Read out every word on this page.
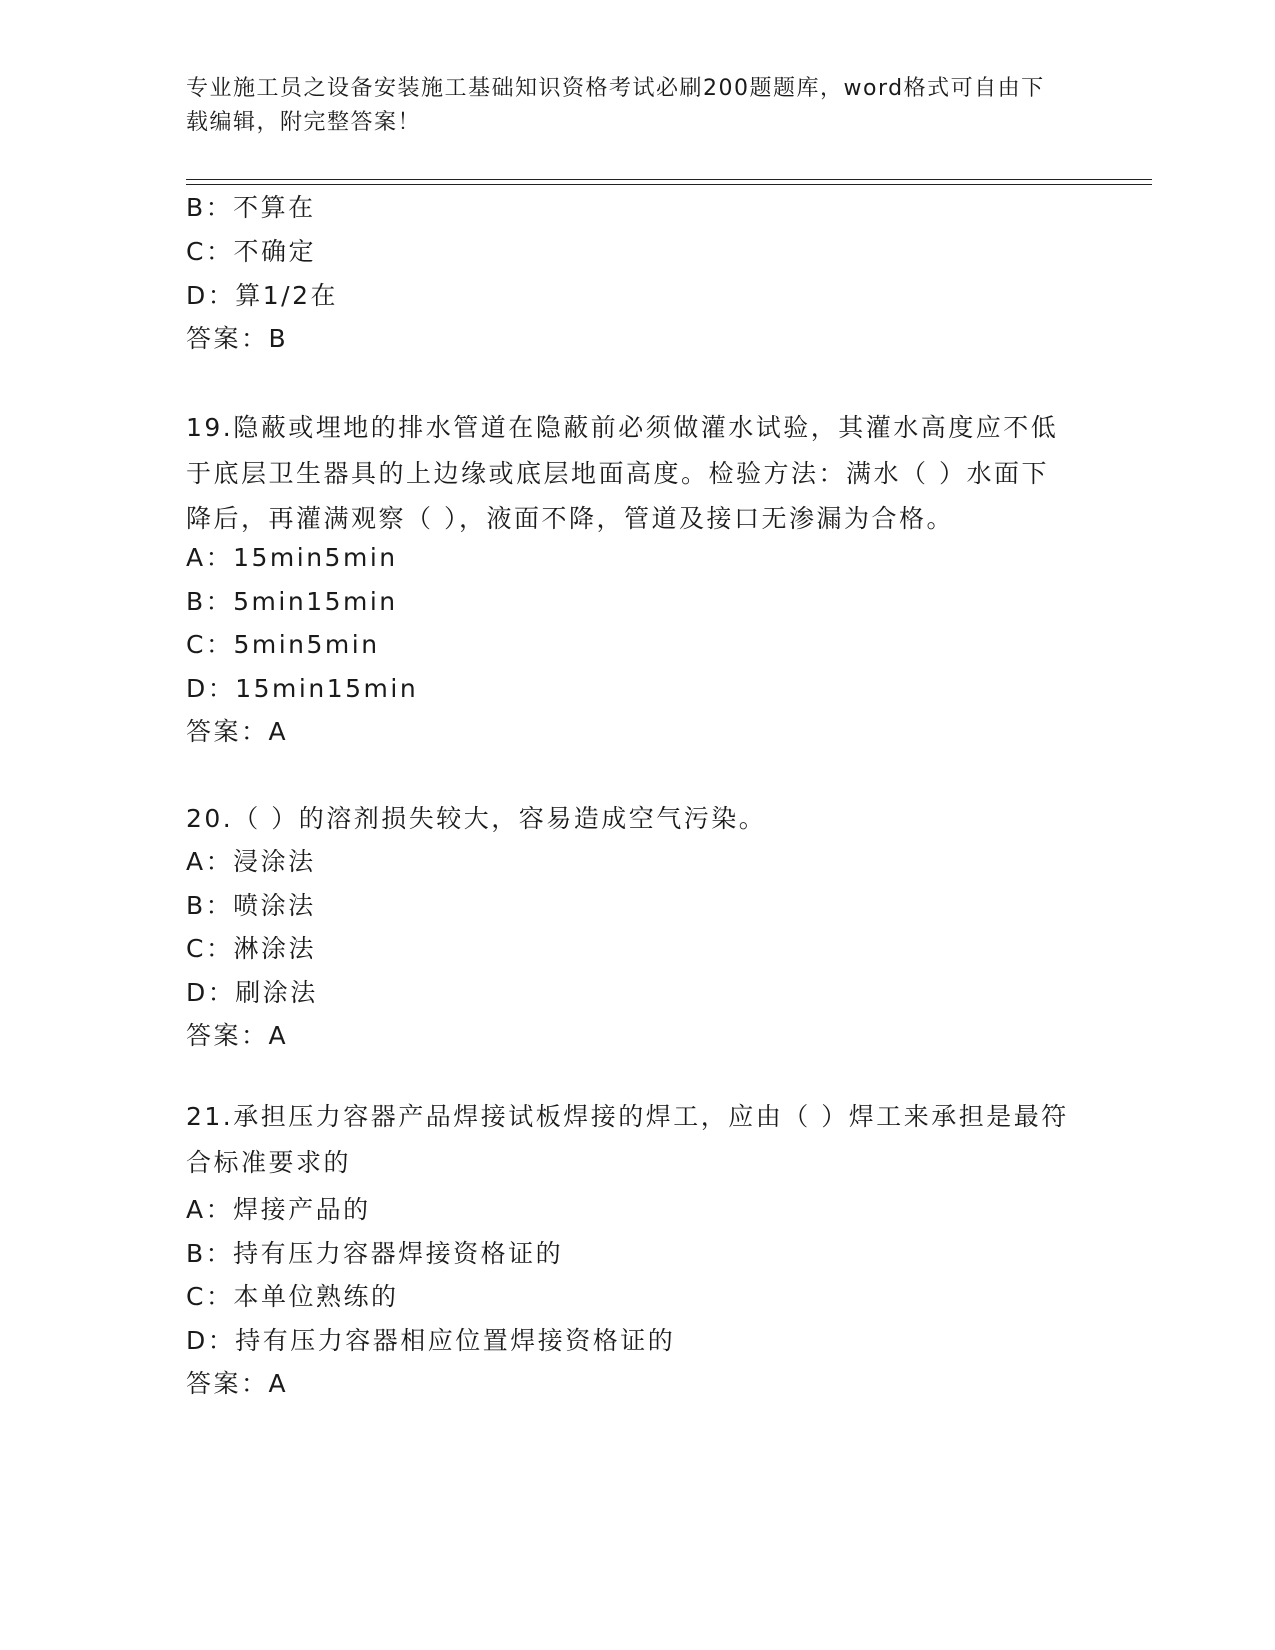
专业施工员之设备安装施工基础知识资格考试必刷200题题库，word格式可自由下载编辑，附完整答案！
B：不算在
C：不确定
D：算1/2在
答案：B
19.隐蔽或埋地的排水管道在隐蔽前必须做灌水试验，其灌水高度应不低于底层卫生器具的上边缘或底层地面高度。检验方法：满水（ ）水面下降后，再灌满观察（ ），液面不降，管道及接口无渗漏为合格。
A：15min5min
B：5min15min
C：5min5min
D：15min15min
答案：A
20.（ ）的溶剂损失较大，容易造成空气污染。
A：浸涂法
B：喷涂法
C：淋涂法
D：刷涂法
答案：A
21.承担压力容器产品焊接试板焊接的焊工，应由（ ）焊工来承担是最符合标准要求的
A：焊接产品的
B：持有压力容器焊接资格证的
C：本单位熟练的
D：持有压力容器相应位置焊接资格证的
答案：A
